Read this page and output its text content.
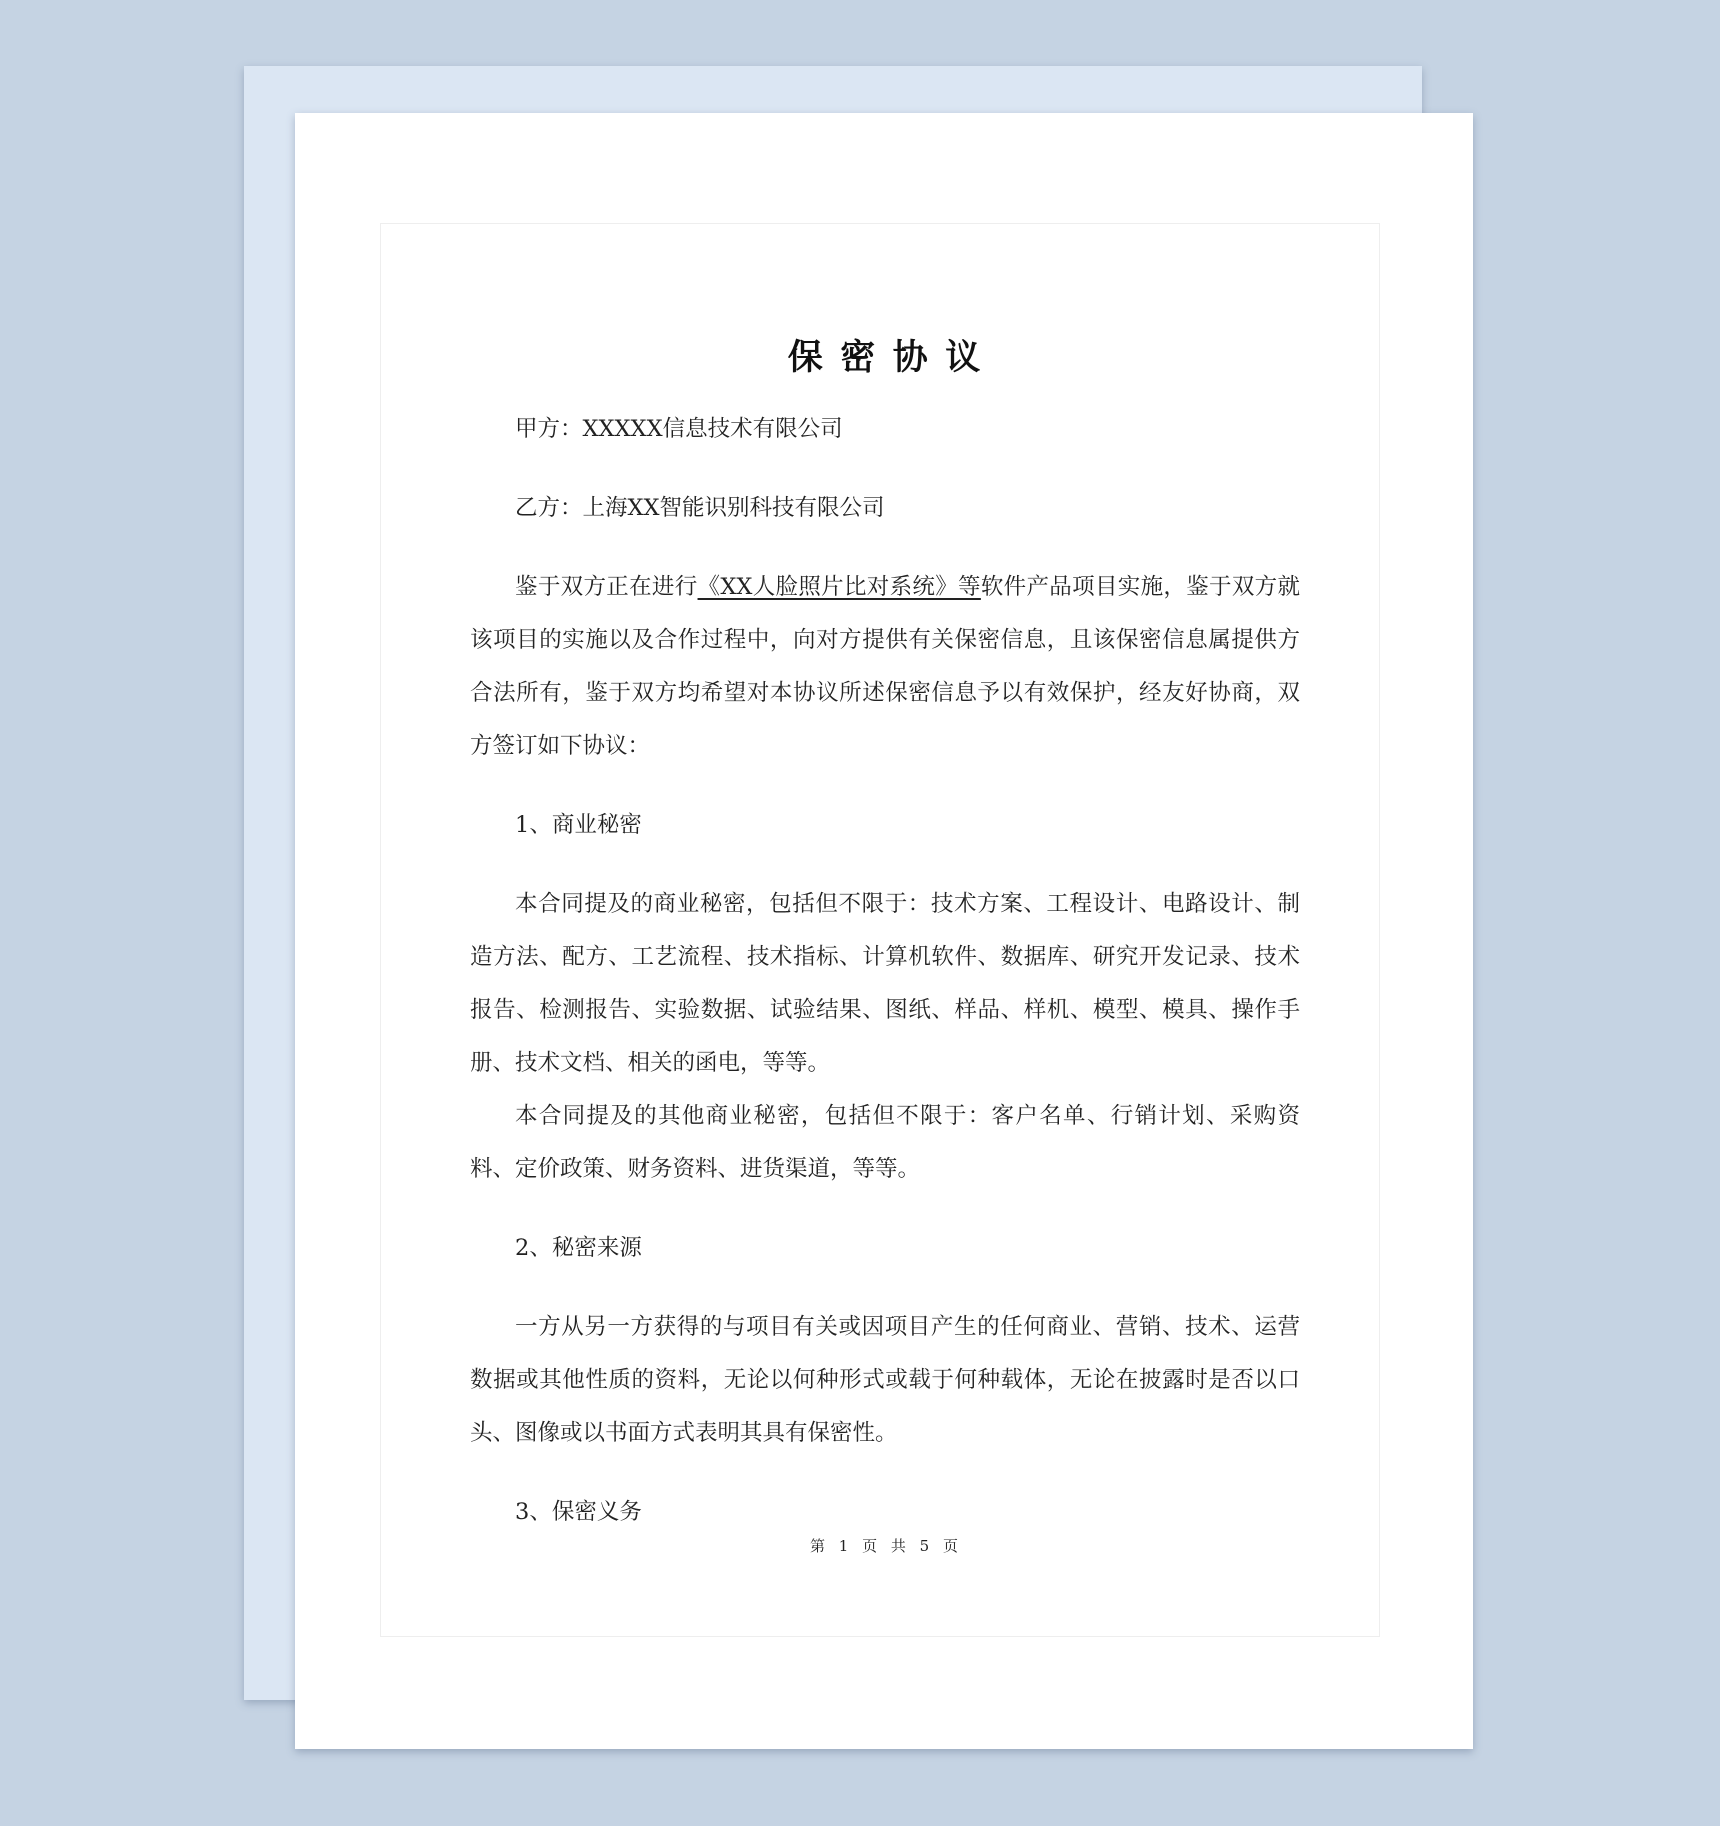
保密协议

甲方：XXXXX信息技术有限公司

乙方：上海XX智能识别科技有限公司

鉴于双方正在进行《XX人脸照片比对系统》等软件产品项目实施，鉴于双方就该项目的实施以及合作过程中，向对方提供有关保密信息，且该保密信息属提供方合法所有，鉴于双方均希望对本协议所述保密信息予以有效保护，经友好协商，双方签订如下协议：

1、商业秘密

本合同提及的商业秘密，包括但不限于：技术方案、工程设计、电路设计、制造方法、配方、工艺流程、技术指标、计算机软件、数据库、研究开发记录、技术报告、检测报告、实验数据、试验结果、图纸、样品、样机、模型、模具、操作手册、技术文档、相关的函电，等等。

本合同提及的其他商业秘密，包括但不限于：客户名单、行销计划、采购资料、定价政策、财务资料、进货渠道，等等。

2、秘密来源

一方从另一方获得的与项目有关或因项目产生的任何商业、营销、技术、运营数据或其他性质的资料，无论以何种形式或载于何种载体，无论在披露时是否以口头、图像或以书面方式表明其具有保密性。

3、保密义务

第 1 页 共 5 页
